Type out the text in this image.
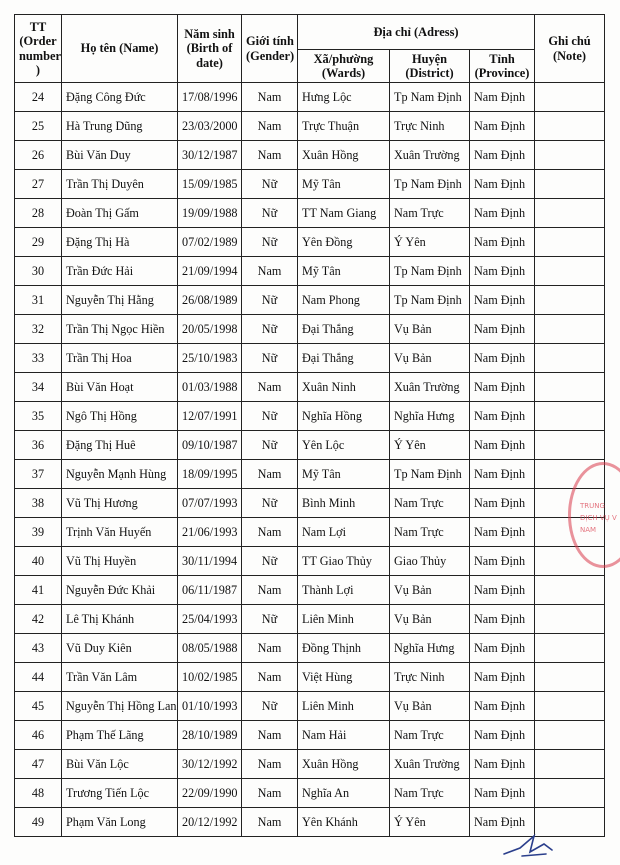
TT
(Order
number
)	Họ tên (Name)	Năm sinh
(Birth of
date)	Giới tính
(Gender)	Địa chỉ (Adress)			Ghi chú
(Note)
				Xã/phường
(Wards)	Huyện
(District)	Tỉnh
(Province)	
24	Đặng Công Đức	17/08/1996	Nam	Hưng Lộc	Tp Nam Định	Nam Định	
25	Hà Trung Dũng	23/03/2000	Nam	Trực Thuận	Trực Ninh	Nam Định	
26	Bùi Văn Duy	30/12/1987	Nam	Xuân Hồng	Xuân Trường	Nam Định	
27	Trần Thị Duyên	15/09/1985	Nữ	Mỹ Tân	Tp Nam Định	Nam Định	
28	Đoàn Thị Gấm	19/09/1988	Nữ	TT Nam Giang	Nam Trực	Nam Định	
29	Đặng Thị Hà	07/02/1989	Nữ	Yên Đồng	Ý Yên	Nam Định	
30	Trần Đức Hải	21/09/1994	Nam	Mỹ Tân	Tp Nam Định	Nam Định	
31	Nguyễn Thị Hằng	26/08/1989	Nữ	Nam Phong	Tp Nam Định	Nam Định	
32	Trần Thị Ngọc Hiền	20/05/1998	Nữ	Đại Thắng	Vụ Bản	Nam Định	
33	Trần Thị Hoa	25/10/1983	Nữ	Đại Thắng	Vụ Bản	Nam Định	
34	Bùi Văn Hoạt	01/03/1988	Nam	Xuân Ninh	Xuân Trường	Nam Định	
35	Ngô Thị Hồng	12/07/1991	Nữ	Nghĩa Hồng	Nghĩa Hưng	Nam Định	
36	Đặng Thị Huê	09/10/1987	Nữ	Yên Lộc	Ý Yên	Nam Định	
37	Nguyễn Mạnh Hùng	18/09/1995	Nam	Mỹ Tân	Tp Nam Định	Nam Định	
38	Vũ Thị Hương	07/07/1993	Nữ	Bình Minh	Nam Trực	Nam Định	
39	Trịnh Văn Huyến	21/06/1993	Nam	Nam Lợi	Nam Trực	Nam Định	
40	Vũ Thị Huyền	30/11/1994	Nữ	TT Giao Thủy	Giao Thủy	Nam Định	
41	Nguyễn Đức Khải	06/11/1987	Nam	Thành Lợi	Vụ Bản	Nam Định	
42	Lê Thị Khánh	25/04/1993	Nữ	Liên Minh	Vụ Bản	Nam Định	
43	Vũ Duy Kiên	08/05/1988	Nam	Đồng Thịnh	Nghĩa Hưng	Nam Định	
44	Trần Văn Lâm	10/02/1985	Nam	Việt Hùng	Trực Ninh	Nam Định	
45	Nguyễn Thị Hồng Lan	01/10/1993	Nữ	Liên Minh	Vụ Bản	Nam Định	
46	Phạm Thế Lãng	28/10/1989	Nam	Nam Hải	Nam Trực	Nam Định	
47	Bùi Văn Lộc	30/12/1992	Nam	Xuân Hồng	Xuân Trường	Nam Định	
48	Trương Tiến Lộc	22/09/1990	Nam	Nghĩa An	Nam Trực	Nam Định	
49	Phạm Văn Long	20/12/1992	Nam	Yên Khánh	Ý Yên	Nam Định	
TRUNG
DỊCH VỤ V
NAM
